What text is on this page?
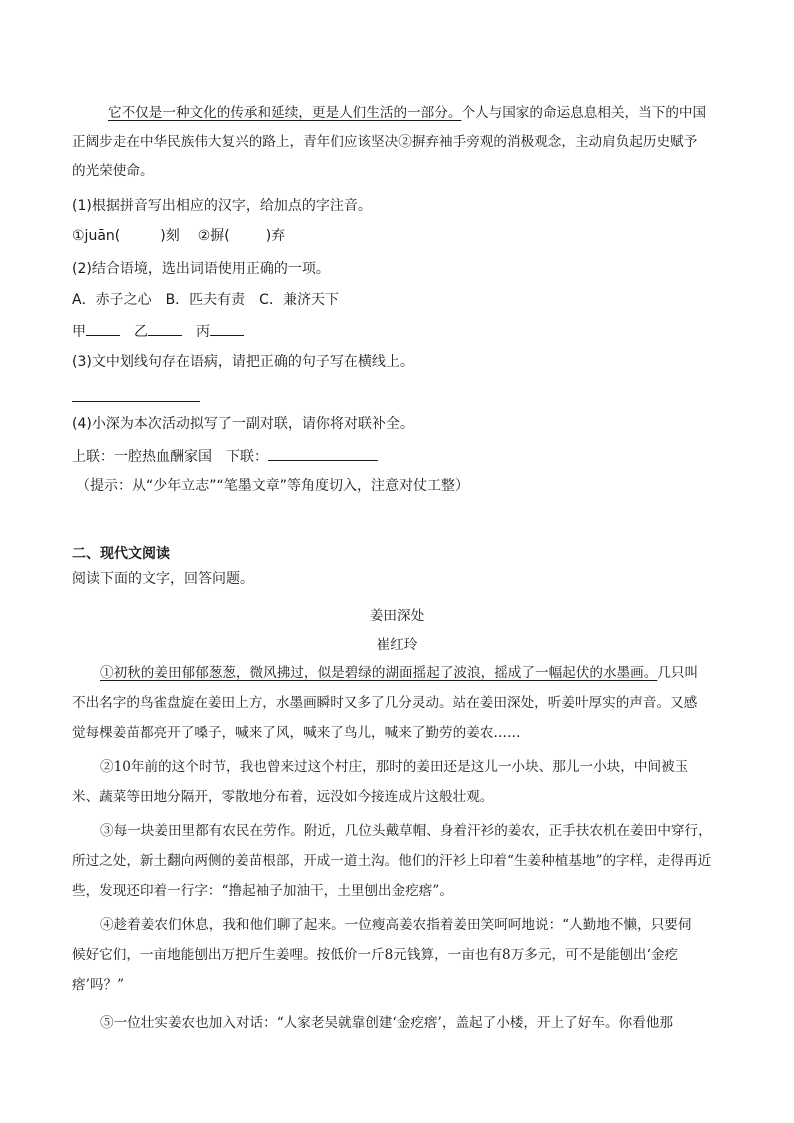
它不仅是一种文化的传承和延续，更是人们生活的一部分。个人与国家的命运息息相关，当下的中国
正阔步走在中华民族伟大复兴的路上，青年们应该坚决②摒弃袖手旁观的消极观念，主动肩负起历史赋予
的光荣使命。
(1)根据拼音写出相应的汉字，给加点的字注音。
①juān(	)刻 ②摒(	)弃
(2)结合语境，选出词语使用正确的一项。
A．赤子之心　B．匹夫有责　C．兼济天下
甲	乙	丙
(3)文中划线句存在语病，请把正确的句子写在横线上。
(4)小深为本次活动拟写了一副对联，请你将对联补全。
上联：一腔热血酬家国　下联：
（提示：从“少年立志”“笔墨文章”等角度切入，注意对仗工整）
二、现代文阅读
阅读下面的文字，回答问题。
姜田深处
崔红玲
①初秋的姜田郁郁葱葱，微风拂过，似是碧绿的湖面摇起了波浪，摇成了一幅起伏的水墨画。几只叫
不出名字的鸟雀盘旋在姜田上方，水墨画瞬时又多了几分灵动。站在姜田深处，听姜叶厚实的声音。又感
觉每棵姜苗都亮开了嗓子，喊来了风，喊来了鸟儿，喊来了勤劳的姜农……
②10年前的这个时节，我也曾来过这个村庄，那时的姜田还是这儿一小块、那儿一小块，中间被玉
米、蔬菜等田地分隔开，零散地分布着，远没如今接连成片这般壮观。
③每一块姜田里都有农民在劳作。附近，几位头戴草帽、身着汗衫的姜农，正手扶农机在姜田中穿行，
所过之处，新土翻向两侧的姜苗根部，开成一道土沟。他们的汗衫上印着“生姜种植基地”的字样，走得再近
些，发现还印着一行字：“撸起袖子加油干，土里刨出金疙瘩”。
④趁着姜农们休息，我和他们聊了起来。一位瘦高姜农指着姜田笑呵呵地说：“人勤地不懒，只要伺
候好它们，一亩地能刨出万把斤生姜哩。按低价一斤8元钱算，一亩也有8万多元，可不是能刨出‘金疙
瘩’吗？”
⑤一位壮实姜农也加入对话：“人家老吴就靠创建‘金疙瘩’，盖起了小楼，开上了好车。你看他那
